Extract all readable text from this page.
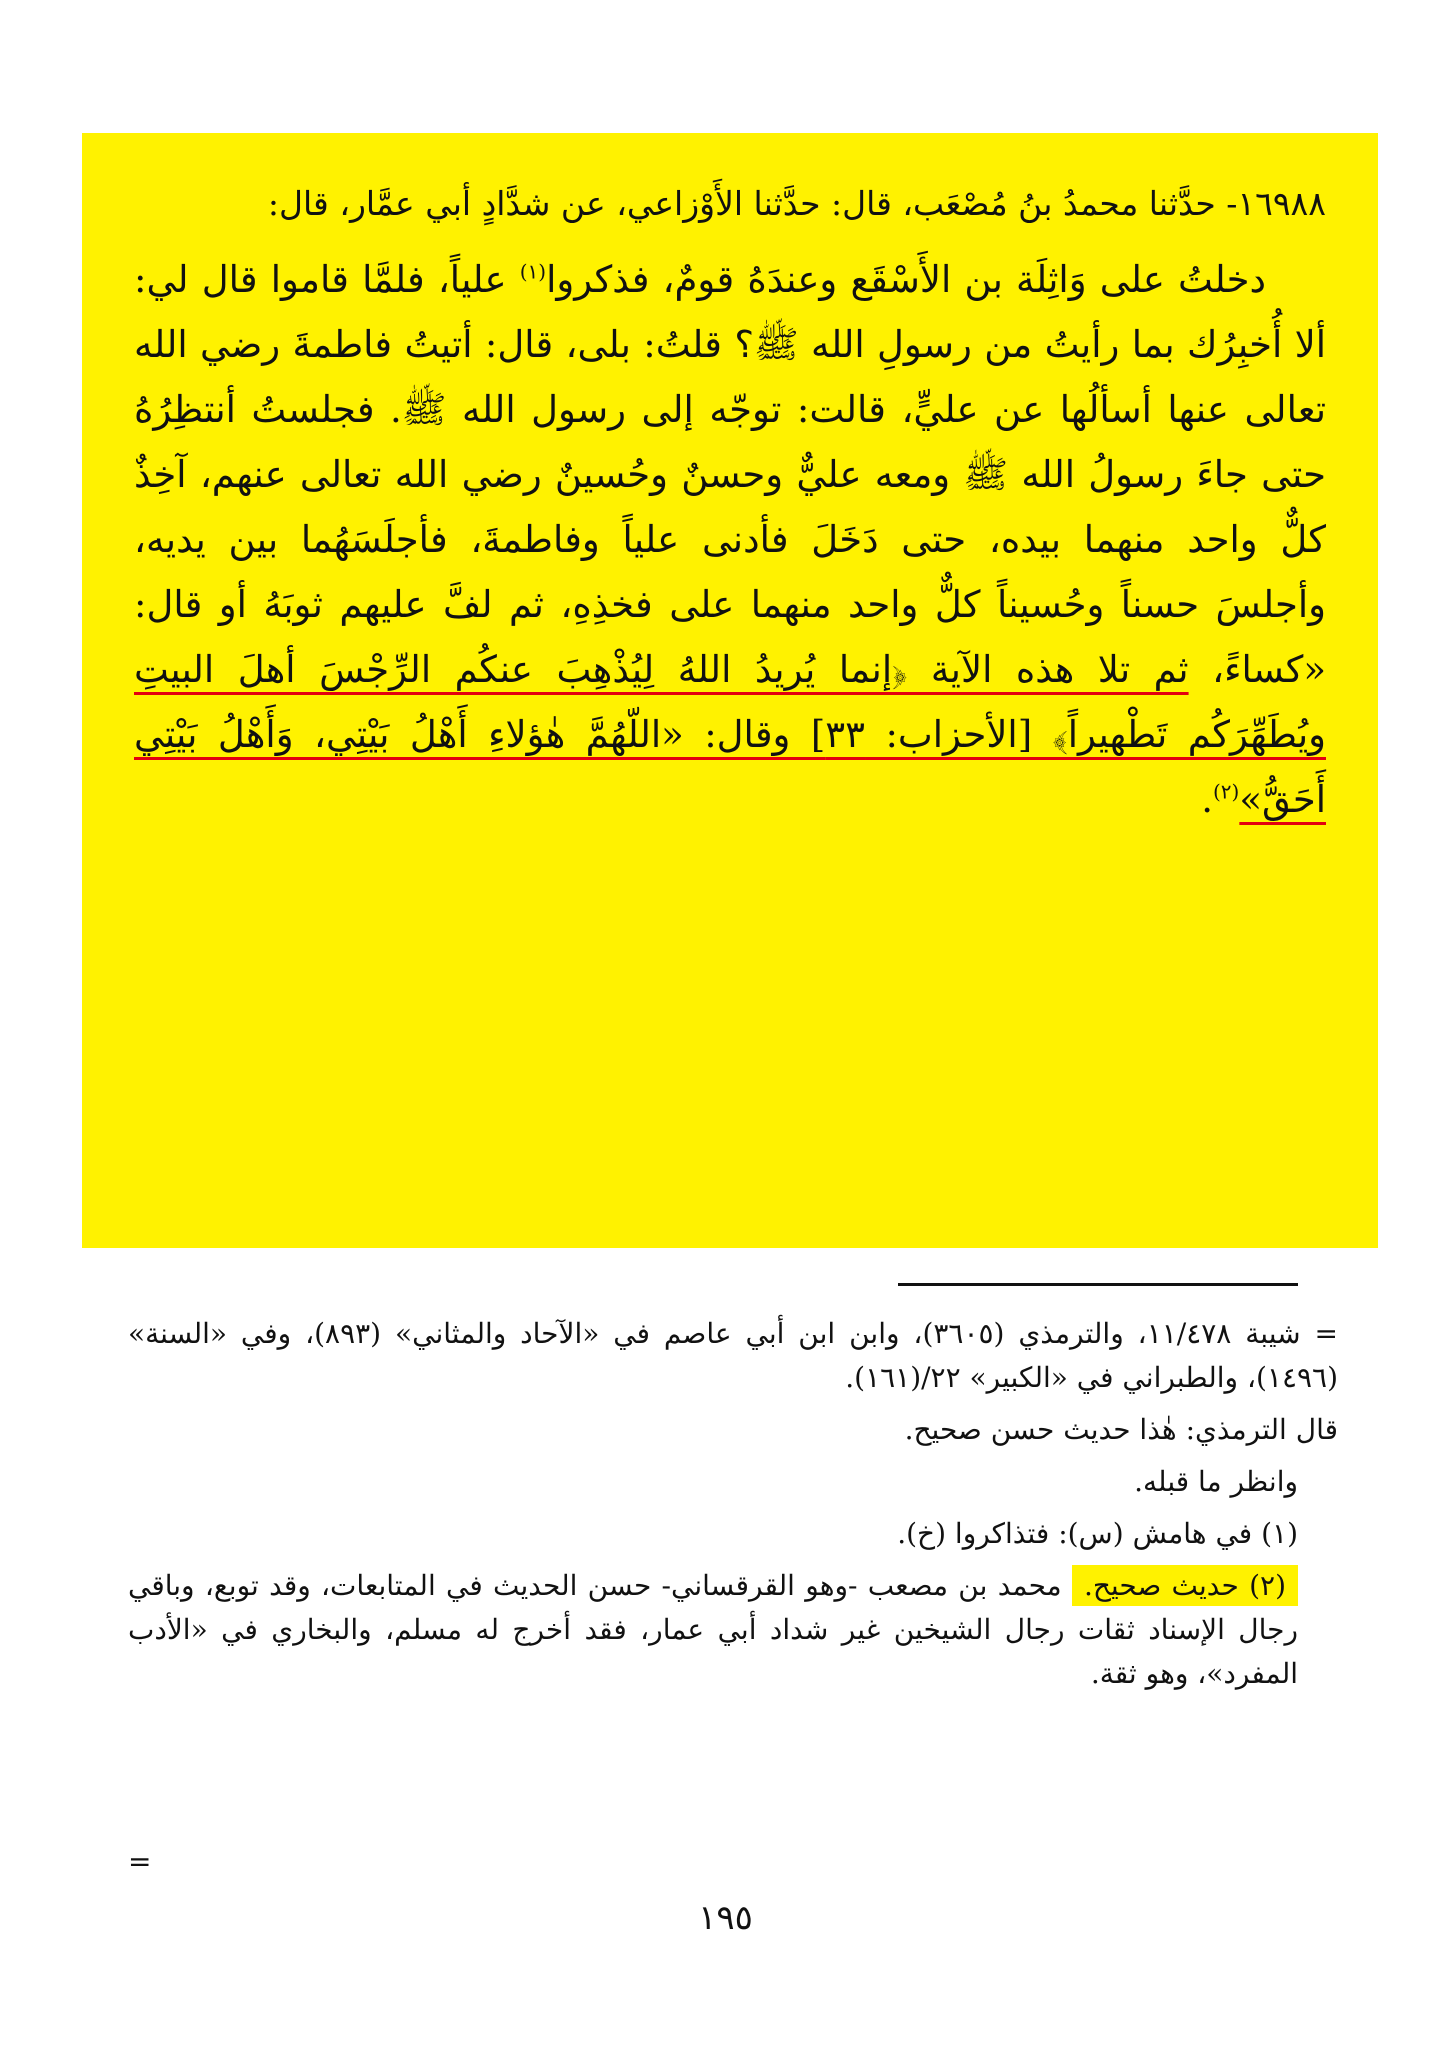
١٦٩٨٨- حدَّثنا محمدُ بنُ مُصْعَب، قال: حدَّثنا الأَوْزاعي، عن شدَّادٍ أبي عمَّار، قال:

دخلتُ على وَاثِلَة بن الأَسْقَع وعندَهُ قومٌ، فذكروا$^{(١)}$ علياً، فلمَّا قاموا قال لي: ألا أُخبِرُك بما رأيتُ من رسولِ الله ﷺ؟ قلتُ: بلى، قال: أتيتُ فاطمةَ رضي الله تعالى عنها أسألُها عن عليٍّ، قالت: توجّه إلى رسول الله ﷺ. فجلستُ أنتظِرُهُ حتى جاءَ رسولُ الله ﷺ ومعه عليٌّ وحسنٌ وحُسينٌ رضي الله تعالى عنهم، آخِذٌ كلٌّ واحد منهما بيده، حتى دَخَلَ فأدنى علياً وفاطمةَ، فأجلَسَهُما بين يديه، وأجلسَ حسناً وحُسيناً كلٌّ واحد منهما على فخذِهِ، ثم لفَّ عليهم ثوبَهُ أو قال: «كساءً، ثم تلا هذه الآية ﴿إنما يُريدُ اللهُ لِيُذْهِبَ عنكُم الرِّجْسَ أهلَ البيتِ ويُطَهِّرَكُم تَطْهيراً﴾ [الأحزاب: ٣٣] وقال: «اللّهُمَّ هٰؤلاءِ أَهْلُ بَيْتِي، وَأَهْلُ بَيْتِي أَحَقُّ»$^{(٢)}$.

= شيبة ١١/٤٧٨، والترمذي (٣٦٠٥)، وابن ابن أبي عاصم في «الآحاد والمثاني» (٨٩٣)، وفي «السنة» (١٤٩٦)، والطبراني في «الكبير» ٢٢/(١٦١).

قال الترمذي: هٰذا حديث حسن صحيح.

وانظر ما قبله.

(١) في هامش (س): فتذاكروا (خ).

(٢) حديث صحيح. محمد بن مصعب -وهو القرقساني- حسن الحديث في المتابعات، وقد توبع، وباقي رجال الإسناد ثقات رجال الشيخين غير شداد أبي عمار، فقد أخرج له مسلم، والبخاري في «الأدب المفرد»، وهو ثقة.

=
١٩٥
